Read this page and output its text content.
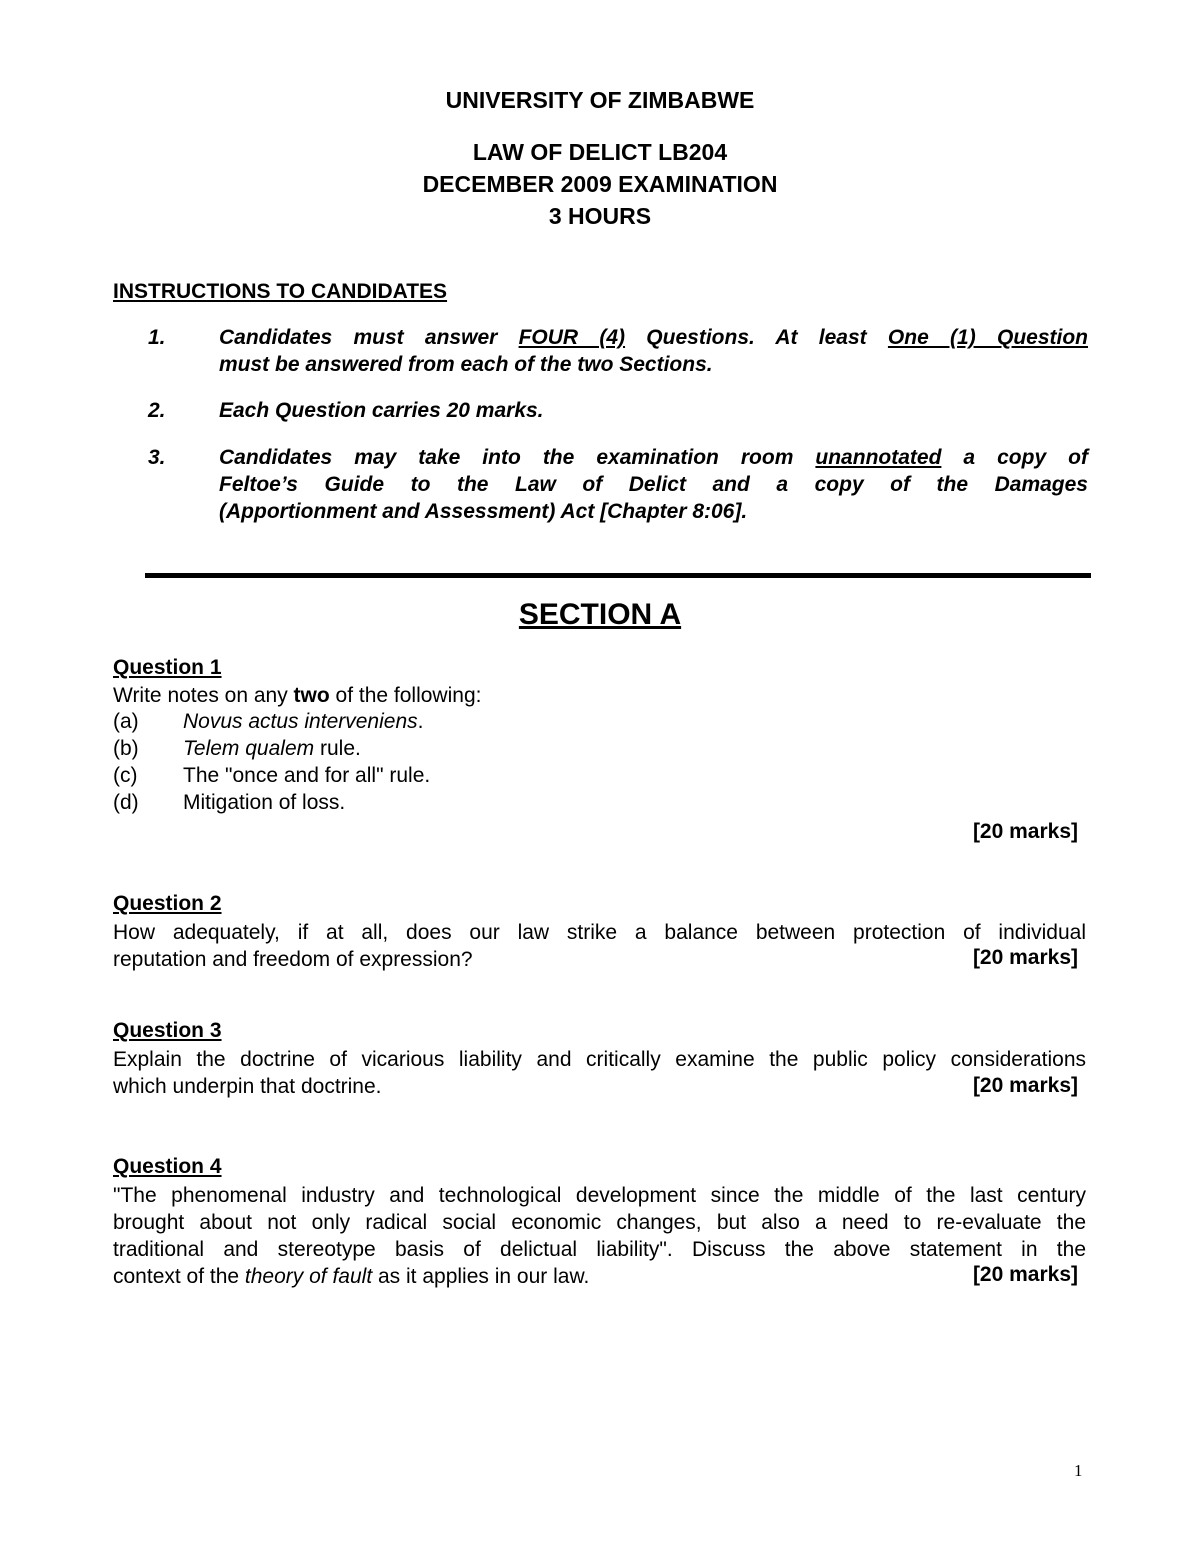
UNIVERSITY OF ZIMBABWE
LAW OF DELICT LB204
DECEMBER 2009 EXAMINATION
3 HOURS
INSTRUCTIONS TO CANDIDATES
1.	Candidates must answer FOUR (4) Questions. At least One (1) Question
must be answered from each of the two Sections.
2.	Each Question carries 20 marks.
3.	Candidates may take into the examination room unannotated a copy of
Feltoe’s Guide to the Law of Delict and a copy of the Damages
(Apportionment and Assessment) Act [Chapter 8:06].
SECTION A
Question 1
Write notes on any two of the following:
(a) Novus actus interveniens.
(b) Telem qualem rule.
(c) The "once and for all" rule.
(d) Mitigation of loss.
[20 marks]
Question 2
How adequately, if at all, does our law strike a balance between protection of individual
reputation and freedom of expression?	[20 marks]
Question 3
Explain the doctrine of vicarious liability and critically examine the public policy considerations
which underpin that doctrine.	[20 marks]
Question 4
"The phenomenal industry and technological development since the middle of the last century
brought about not only radical social economic changes, but also a need to re-evaluate the
traditional and stereotype basis of delictual liability". Discuss the above statement in the
context of the theory of fault as it applies in our law.	[20 marks]
1
